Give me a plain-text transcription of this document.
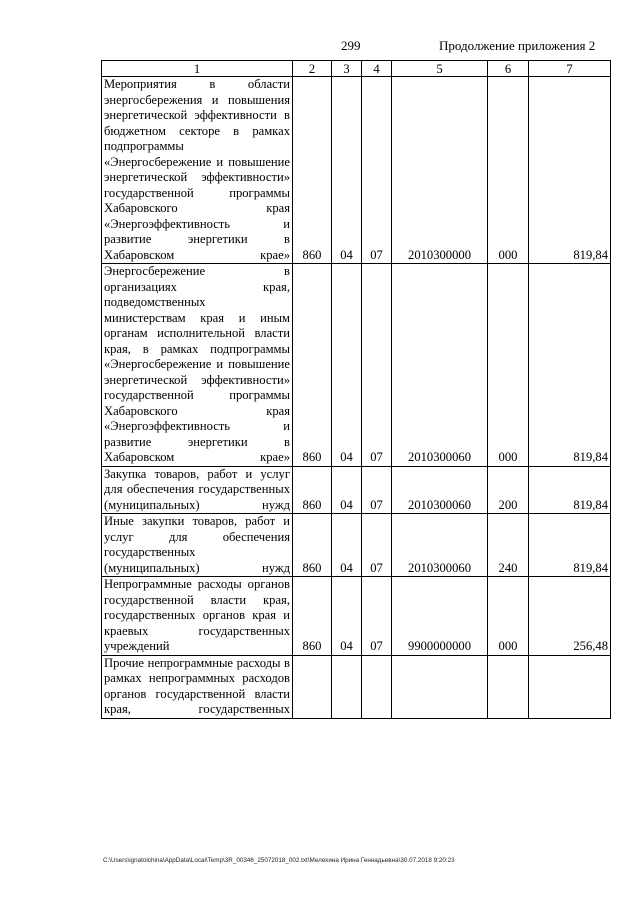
299	Продолжение приложения 2
1	2	3	4	5	6	7
Мероприятия в области энергосбережения и повышения энергетической эффективности в бюджетном секторе в рамках подпрограммы «Энергосбережение и повышение энергетической эффективности» государственной программы Хабаровского края «Энергоэффективность и развитие энергетики в Хабаровском крае»	860	04	07	2010300000	000	819,84
Энергосбережение в организациях края, подведомственных министерствам края и иным органам исполнительной власти края, в рамках подпрограммы «Энергосбережение и повышение энергетической эффективности» государственной программы Хабаровского края «Энергоэффективность и развитие энергетики в Хабаровском крае»	860	04	07	2010300060	000	819,84
Закупка товаров, работ и услуг для обеспечения государственных (муниципальных) нужд	860	04	07	2010300060	200	819,84
Иные закупки товаров, работ и услуг для обеспечения государственных (муниципальных) нужд	860	04	07	2010300060	240	819,84
Непрограммные расходы органов государственной власти края, государственных органов края и краевых государственных учреждений	860	04	07	9900000000	000	256,48
Прочие непрограммные расходы в рамках непрограммных расходов органов государственной власти края, государственных						
C:\Users\ignatolchina\AppData\Local\Temp\3R_00346_25072018_002.txt\Мелехина Ирина Геннадьевна\30.07.2018 9:20:23
